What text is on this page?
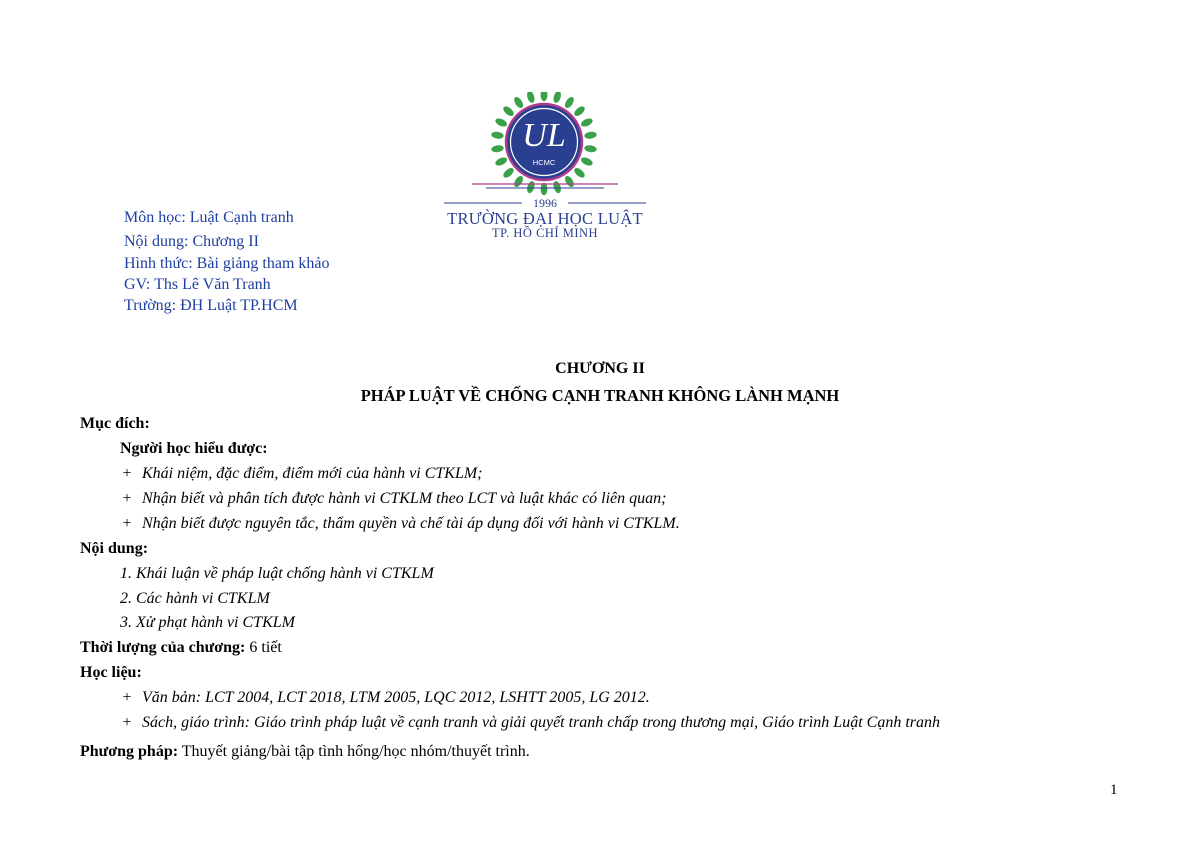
UL
HCMC
1996
TRƯỜNG ĐẠI HỌC LUẬT
TP. HỒ CHÍ MINH
Môn học: Luật Cạnh tranh
Nội dung: Chương II
Hình thức: Bài giảng tham khảo
GV: Ths Lê Văn Tranh
Trường: ĐH Luật TP.HCM
CHƯƠNG II
PHÁP LUẬT VỀ CHỐNG CẠNH TRANH KHÔNG LÀNH MẠNH
Mục đích:
Người học hiểu được:
+ Khái niệm, đặc điểm, điểm mới của hành vi CTKLM;
+ Nhận biết và phân tích được hành vi CTKLM theo LCT và luật khác có liên quan;
+ Nhận biết được nguyên tắc, thẩm quyền và chế tài áp dụng đối với hành vi CTKLM.
Nội dung:
1. Khái luận về pháp luật chống hành vi CTKLM
2. Các hành vi CTKLM
3. Xử phạt hành vi CTKLM
Thời lượng của chương: 6 tiết
Học liệu:
+ Văn bản: LCT 2004, LCT 2018, LTM 2005, LQC 2012, LSHTT 2005, LG 2012.
+ Sách, giáo trình: Giáo trình pháp luật về cạnh tranh và giải quyết tranh chấp trong thương mại, Giáo trình Luật Cạnh tranh
Phương pháp: Thuyết giảng/bài tập tình hống/học nhóm/thuyết trình.
1
